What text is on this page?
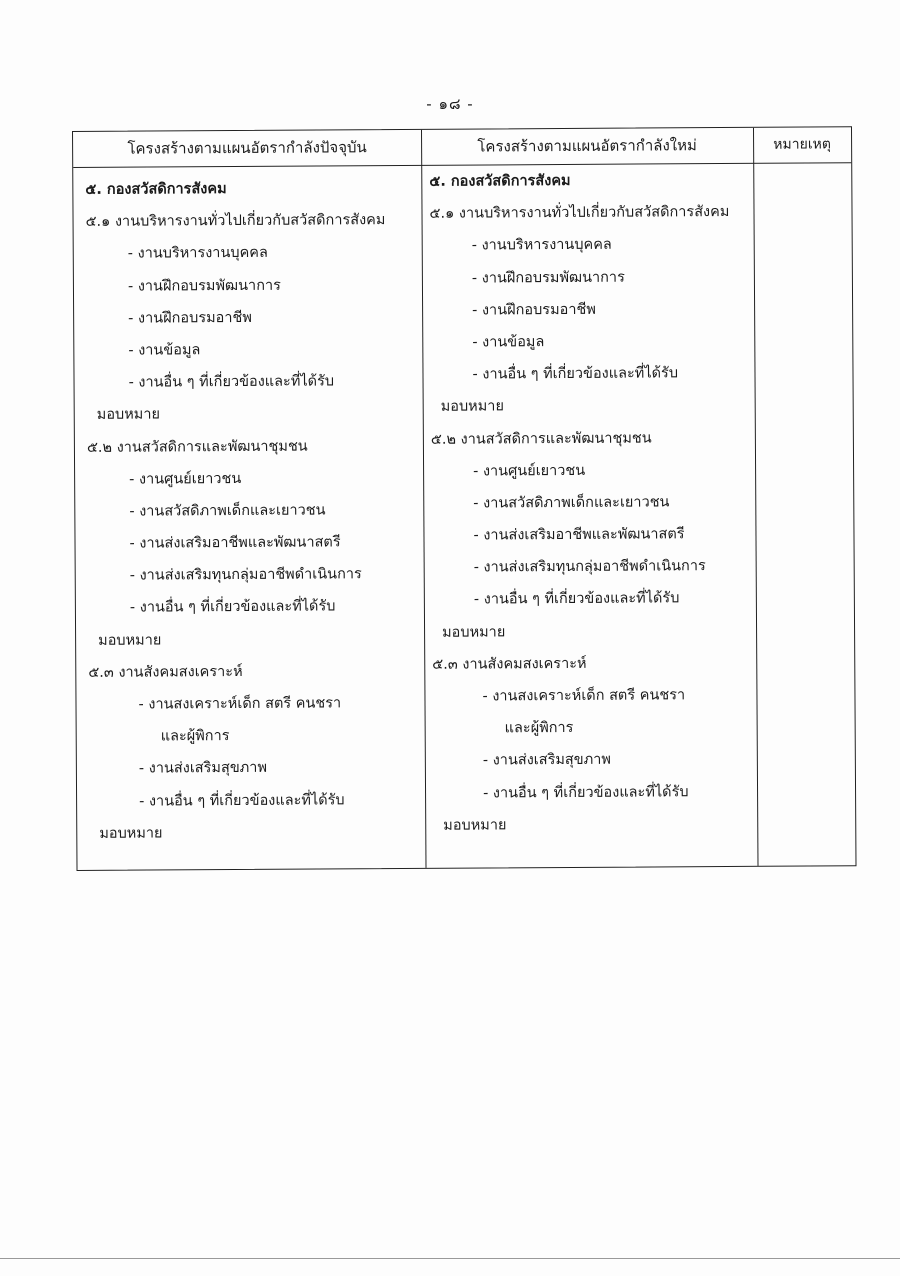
- ๑๘ -
โครงสร้างตามแผนอัตรากำลังปัจจุบัน	โครงสร้างตามแผนอัตรากำลังใหม่	หมายเหตุ
๕. กองสวัสดิการสังคม
๕.๑ งานบริหารงานทั่วไปเกี่ยวกับสวัสดิการสังคม
- งานบริหารงานบุคคล
- งานฝึกอบรมพัฒนาการ
- งานฝึกอบรมอาชีพ
- งานข้อมูล
- งานอื่น ๆ ที่เกี่ยวข้องและที่ได้รับ
มอบหมาย
๕.๒ งานสวัสดิการและพัฒนาชุมชน
- งานศูนย์เยาวชน
- งานสวัสดิภาพเด็กและเยาวชน
- งานส่งเสริมอาชีพและพัฒนาสตรี
- งานส่งเสริมทุนกลุ่มอาชีพดำเนินการ
- งานอื่น ๆ ที่เกี่ยวข้องและที่ได้รับ
มอบหมาย
๕.๓ งานสังคมสงเคราะห์
- งานสงเคราะห์เด็ก สตรี คนชรา
และผู้พิการ
- งานส่งเสริมสุขภาพ
- งานอื่น ๆ ที่เกี่ยวข้องและที่ได้รับ
มอบหมาย
๕. กองสวัสดิการสังคม
๕.๑ งานบริหารงานทั่วไปเกี่ยวกับสวัสดิการสังคม
- งานบริหารงานบุคคล
- งานฝึกอบรมพัฒนาการ
- งานฝึกอบรมอาชีพ
- งานข้อมูล
- งานอื่น ๆ ที่เกี่ยวข้องและที่ได้รับ
มอบหมาย
๕.๒ งานสวัสดิการและพัฒนาชุมชน
- งานศูนย์เยาวชน
- งานสวัสดิภาพเด็กและเยาวชน
- งานส่งเสริมอาชีพและพัฒนาสตรี
- งานส่งเสริมทุนกลุ่มอาชีพดำเนินการ
- งานอื่น ๆ ที่เกี่ยวข้องและที่ได้รับ
มอบหมาย
๕.๓ งานสังคมสงเคราะห์
- งานสงเคราะห์เด็ก สตรี คนชรา
และผู้พิการ
- งานส่งเสริมสุขภาพ
- งานอื่น ๆ ที่เกี่ยวข้องและที่ได้รับ
มอบหมาย
